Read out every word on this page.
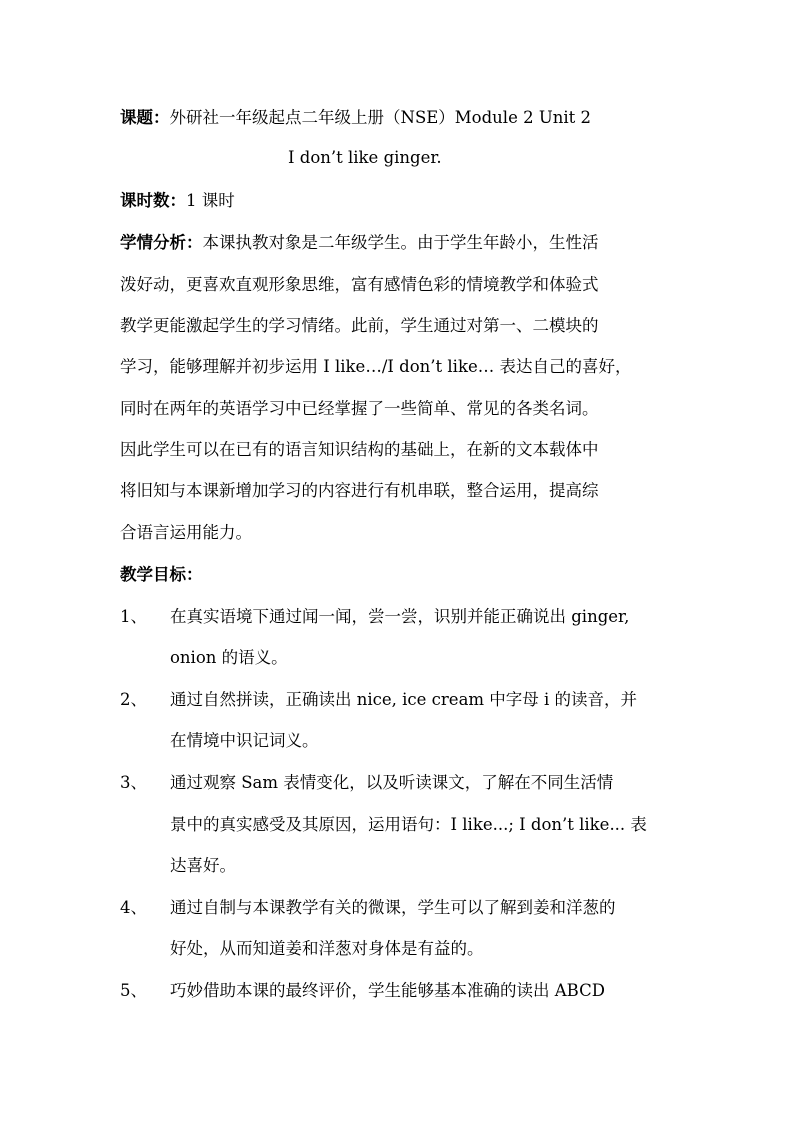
课题：外研社一年级起点二年级上册（NSE）Module 2 Unit 2
I don’t like ginger.
课时数：1 课时
学情分析：本课执教对象是二年级学生。由于学生年龄小，生性活
泼好动，更喜欢直观形象思维，富有感情色彩的情境教学和体验式
教学更能激起学生的学习情绪。此前，学生通过对第一、二模块的
学习，能够理解并初步运用 I like…/I don’t like… 表达自己的喜好，
同时在两年的英语学习中已经掌握了一些简单、常见的各类名词。
因此学生可以在已有的语言知识结构的基础上，在新的文本载体中
将旧知与本课新增加学习的内容进行有机串联，整合运用，提高综
合语言运用能力。
教学目标：
1、 在真实语境下通过闻一闻，尝一尝，识别并能正确说出 ginger,
onion 的语义。
2、 通过自然拼读，正确读出 nice, ice cream 中字母 i 的读音，并
在情境中识记词义。
3、 通过观察 Sam 表情变化，以及听读课文，了解在不同生活情
景中的真实感受及其原因，运用语句：I like...; I don’t like... 表
达喜好。
4、 通过自制与本课教学有关的微课，学生可以了解到姜和洋葱的
好处，从而知道姜和洋葱对身体是有益的。
5、 巧妙借助本课的最终评价，学生能够基本准确的读出 ABCD
